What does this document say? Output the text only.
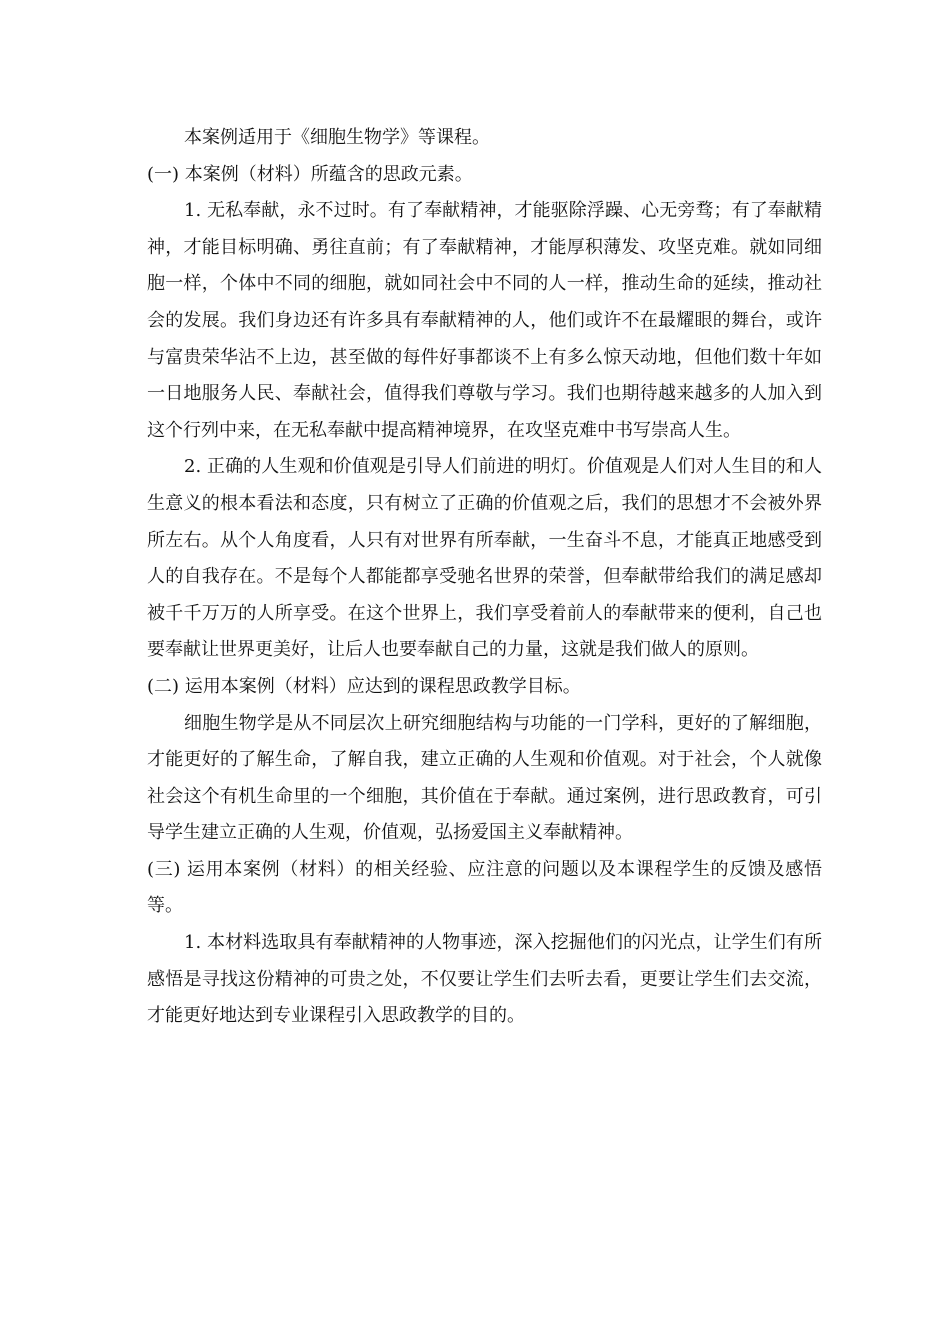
本案例适用于《细胞生物学》等课程。

(一) 本案例（材料）所蕴含的思政元素。

1. 无私奉献，永不过时。有了奉献精神，才能驱除浮躁、心无旁骛；有了奉献精神，才能目标明确、勇往直前；有了奉献精神，才能厚积薄发、攻坚克难。就如同细胞一样，个体中不同的细胞，就如同社会中不同的人一样，推动生命的延续，推动社会的发展。我们身边还有许多具有奉献精神的人，他们或许不在最耀眼的舞台，或许与富贵荣华沾不上边，甚至做的每件好事都谈不上有多么惊天动地，但他们数十年如一日地服务人民、奉献社会，值得我们尊敬与学习。我们也期待越来越多的人加入到这个行列中来，在无私奉献中提高精神境界，在攻坚克难中书写崇高人生。

2. 正确的人生观和价值观是引导人们前进的明灯。价值观是人们对人生目的和人生意义的根本看法和态度，只有树立了正确的价值观之后，我们的思想才不会被外界所左右。从个人角度看，人只有对世界有所奉献，一生奋斗不息，才能真正地感受到人的自我存在。不是每个人都能都享受驰名世界的荣誉，但奉献带给我们的满足感却被千千万万的人所享受。在这个世界上，我们享受着前人的奉献带来的便利，自己也要奉献让世界更美好，让后人也要奉献自己的力量，这就是我们做人的原则。

(二) 运用本案例（材料）应达到的课程思政教学目标。

细胞生物学是从不同层次上研究细胞结构与功能的一门学科，更好的了解细胞，才能更好的了解生命，了解自我，建立正确的人生观和价值观。对于社会，个人就像社会这个有机生命里的一个细胞，其价值在于奉献。通过案例，进行思政教育，可引导学生建立正确的人生观，价值观，弘扬爱国主义奉献精神。

(三) 运用本案例（材料）的相关经验、应注意的问题以及本课程学生的反馈及感悟等。

1. 本材料选取具有奉献精神的人物事迹，深入挖掘他们的闪光点，让学生们有所感悟是寻找这份精神的可贵之处，不仅要让学生们去听去看，更要让学生们去交流，才能更好地达到专业课程引入思政教学的目的。
